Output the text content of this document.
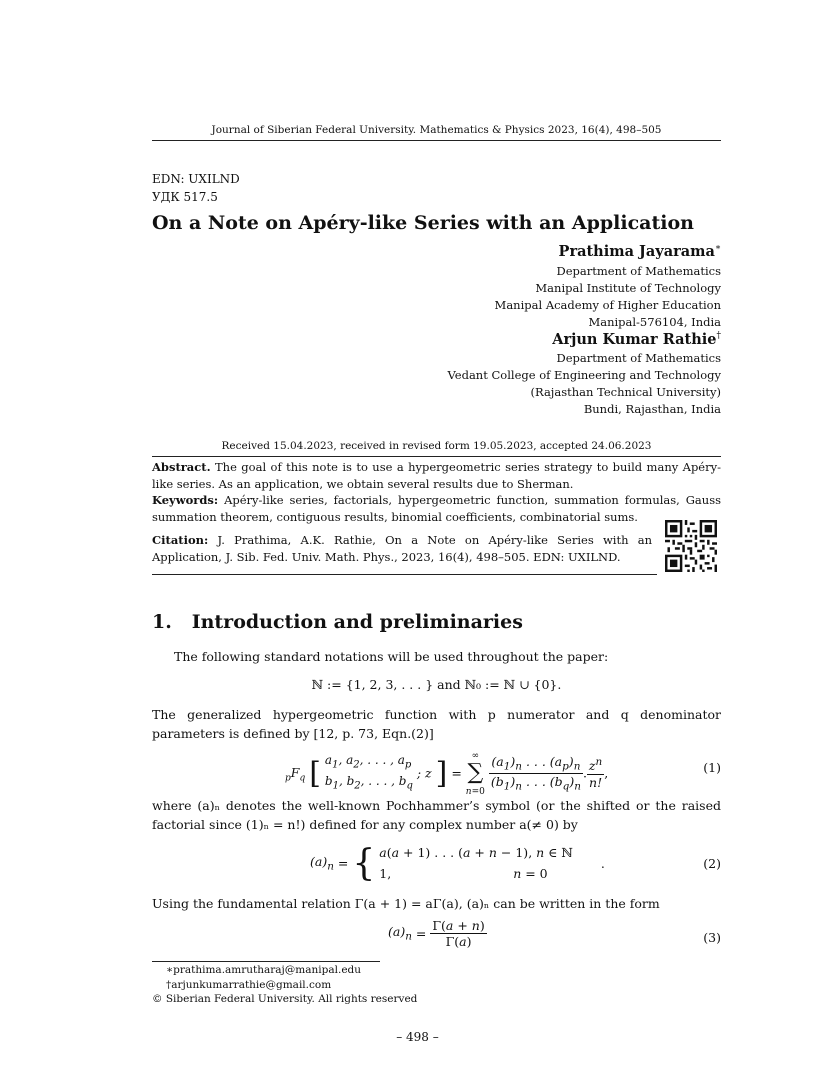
Journal of Siberian Federal University. Mathematics & Physics 2023, 16(4), 498–505
EDN: UXILND
УДК 517.5
On a Note on Apéry-like Series with an Application
Prathima Jayarama∗
Department of Mathematics
Manipal Institute of Technology
Manipal Academy of Higher Education
Manipal-576104, India
Arjun Kumar Rathie†
Department of Mathematics
Vedant College of Engineering and Technology
(Rajasthan Technical University)
Bundi, Rajasthan, India
Received 15.04.2023, received in revised form 19.05.2023, accepted 24.06.2023
Abstract. The goal of this note is to use a hypergeometric series strategy to build many Apéry-like series. As an application, we obtain several results due to Sherman.
Keywords: Apéry-like series, factorials, hypergeometric function, summation formulas, Gauss summation theorem, contiguous results, binomial coefficients, combinatorial sums.
Citation: J. Prathima, A.K. Rathie, On a Note on Apéry-like Series with an Application, J. Sib. Fed. Univ. Math. Phys., 2023, 16(4), 498–505. EDN: UXILND.
1. Introduction and preliminaries
The following standard notations will be used throughout the paper:
ℕ := {1, 2, 3, . . . } and ℕ₀ := ℕ ∪ {0}.
The generalized hypergeometric function with p numerator and q denominator parameters is defined by [12, p. 73, Eqn.(2)]
$_pF_q$ [ $a_1$, $a_2$, . . . , $a_p$
$b_1$, $b_2$, . . . , $b_q$ ; z ] = ∞
∑
$n=0 \frac{(a_1)_n . . . (a_p)_n}{(b_1)_n . . . (b_q)_n}$ . $\frac{z^n}{n!}$ ,	(1)
where (a)ₙ denotes the well-known Pochhammer’s symbol (or the shifted or the raised factorial since (1)ₙ = n!) defined for any complex number a(≠ 0) by
$(a)_n$ = { a(a + 1) . . . (a + n − 1), n ∈ ℕ
1,	n = 0 .	(2)
Using the fundamental relation Γ(a + 1) = aΓ(a), (a)ₙ can be written in the form
$(a)_n = \frac{\Gamma(a + n)}{\Gamma(a)}$	(3)
∗prathima.amrutharaj@manipal.edu
†arjunkumarrathie@gmail.com
© Siberian Federal University. All rights reserved
– 498 –
